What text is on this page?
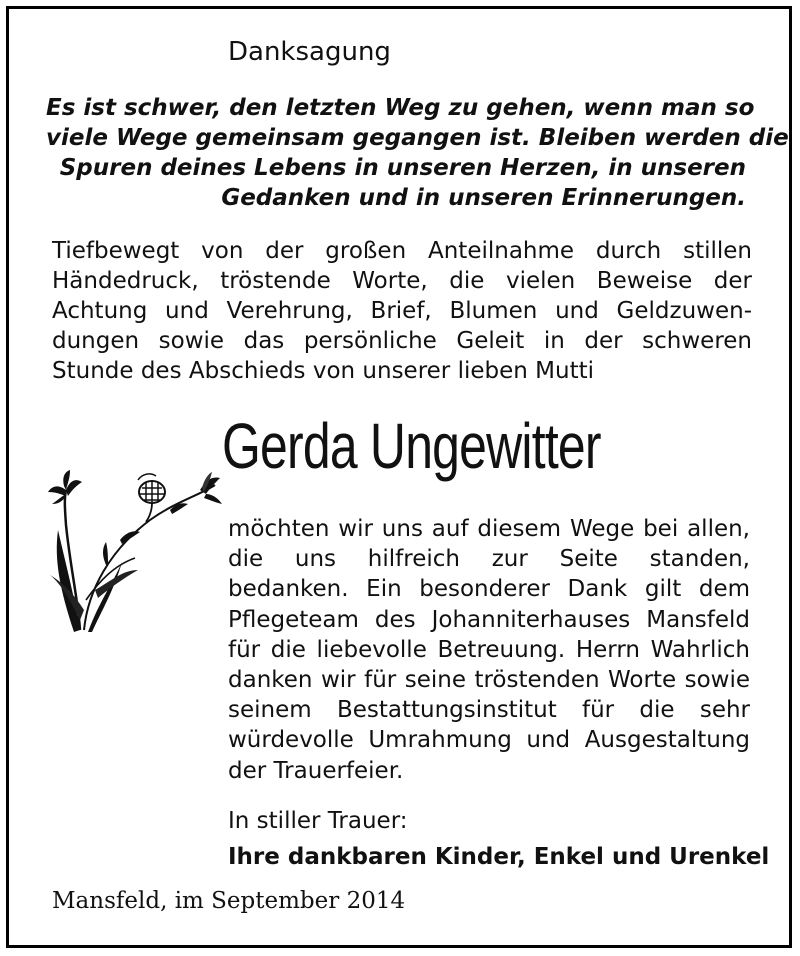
Danksagung
Es ist schwer, den letzten Weg zu gehen, wenn man so
viele Wege gemeinsam gegangen ist. Bleiben werden die
Spuren deines Lebens in unseren Herzen, in unseren
Gedanken und in unseren Erinnerungen.
Tiefbewegt von der großen Anteilnahme durch stillen
Händedruck, tröstende Worte, die vielen Beweise der
Achtung und Verehrung, Brief, Blumen und Geldzuwen-
dungen sowie das persönliche Geleit in der schweren
Stunde des Abschieds von unserer lieben Mutti
Gerda Ungewitter
möchten wir uns auf diesem Wege bei allen,
die uns hilfreich zur Seite standen,
bedanken. Ein besonderer Dank gilt dem
Pflegeteam des Johanniterhauses Mansfeld
für die liebevolle Betreuung. Herrn Wahrlich
danken wir für seine tröstenden Worte sowie
seinem Bestattungsinstitut für die sehr
würdevolle Umrahmung und Ausgestaltung
der Trauerfeier.
In stiller Trauer:
Ihre dankbaren Kinder, Enkel und Urenkel
Mansfeld, im September 2014
